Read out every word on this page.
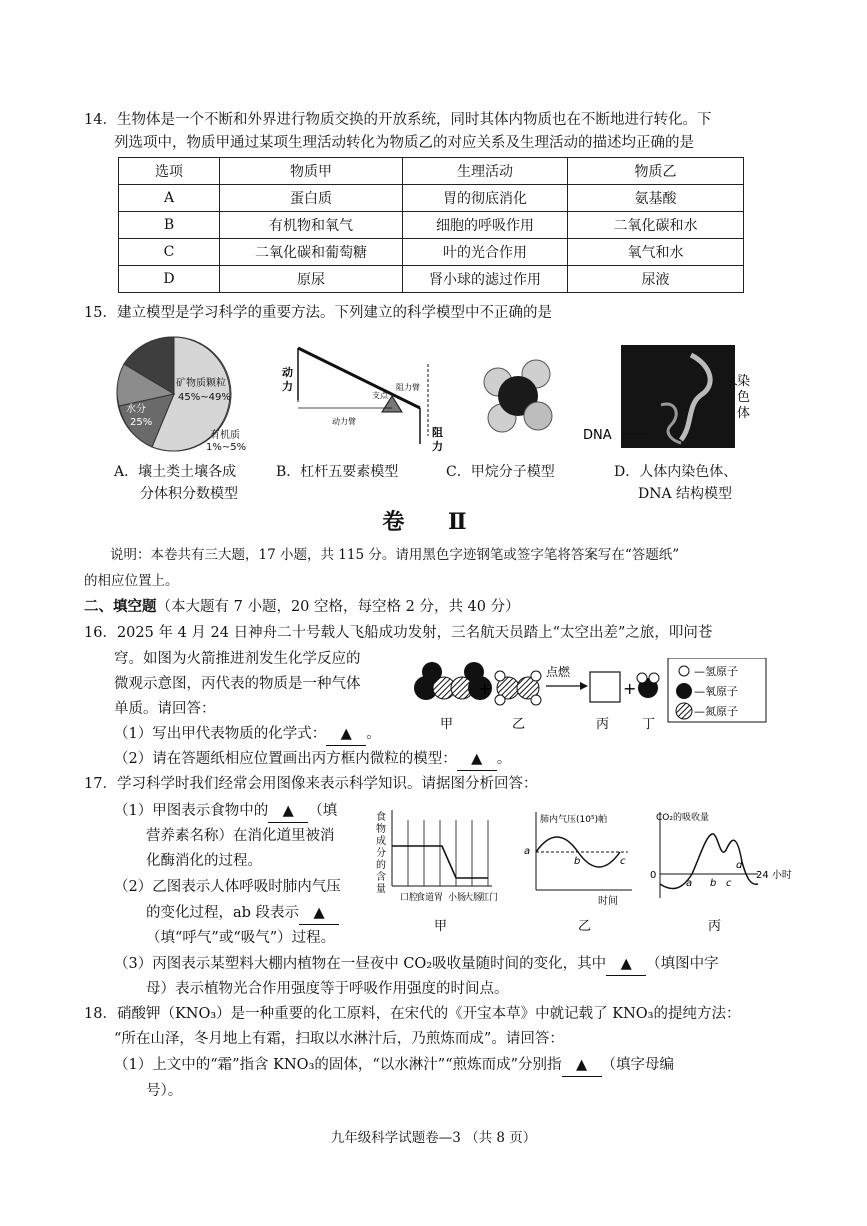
14．生物体是一个不断和外界进行物质交换的开放系统，同时其体内物质也在不断地进行转化。下
列选项中，物质甲通过某项生理活动转化为物质乙的对应关系及生理活动的描述均正确的是
选项	物质甲	生理活动	物质乙
A	蛋白质	胃的彻底消化	氨基酸
B	有机物和氧气	细胞的呼吸作用	二氧化碳和水
C	二氧化碳和葡萄糖	叶的光合作用	氧气和水
D	原尿	肾小球的滤过作用	尿液
15．建立模型是学习科学的重要方法。下列建立的科学模型中不正确的是
矿物质颗粒
45%~49%
水分
25%
有机质
1%~5%
动
力
支点
阻力臂
动力臂
阻
力
DNA
染
色
体
A．壤土类土壤各成
分体积分数模型
B．杠杆五要素模型	C．甲烷分子模型	D．人体内染色体、
DNA 结构模型
卷 Ⅱ
说明：本卷共有三大题，17 小题，共 115 分。请用黑色字迹钢笔或签字笔将答案写在“答题纸”
的相应位置上。
二、填空题（本大题有 7 小题，20 空格，每空格 2 分，共 40 分）
16．2025 年 4 月 24 日神舟二十号载人飞船成功发射，三名航天员踏上“太空出差”之旅，叩问苍
穹。如图为火箭推进剂发生化学反应的
微观示意图，丙代表的物质是一种气体
单质。请回答：
（1）写出甲代表物质的化学式： ▲ 。
（2）请在答题纸相应位置画出丙方框内微粒的模型： ▲ 。
+
点燃
+
甲	乙	丙	丁
—氢原子
—氧原子
—氮原子
17．学习科学时我们经常会用图像来表示科学知识。请据图分析回答：
（1）甲图表示食物中的 ▲ （填
营养素名称）在消化道里被消
化酶消化的过程。
（2）乙图表示人体呼吸时肺内气压
的变化过程，ab 段表示 ▲
（填“呼气”或“吸气”）过程。
（3）丙图表示某塑料大棚内植物在一昼夜中 CO₂吸收量随时间的变化，其中 ▲ （填图中字
母）表示植物光合作用强度等于呼吸作用强度的时间点。
食
物
成
分
的
含
量
口腔
食道 胃 小肠
大肠
肛门
甲
肺内气压(10⁵)帕
a
b	c
时间
乙
CO₂的吸收量
0
a b c
d
24 小时
丙
18．硝酸钾（KNO₃）是一种重要的化工原料，在宋代的《开宝本草》中就记载了 KNO₃的提纯方法：
“所在山泽，冬月地上有霜，扫取以水淋汁后，乃煎炼而成”。请回答：
（1）上文中的“霜”指含 KNO₃的固体，“以水淋汁”“煎炼而成”分别指 ▲ （填字母编
号）。
九年级科学试题卷—3 （共 8 页）
